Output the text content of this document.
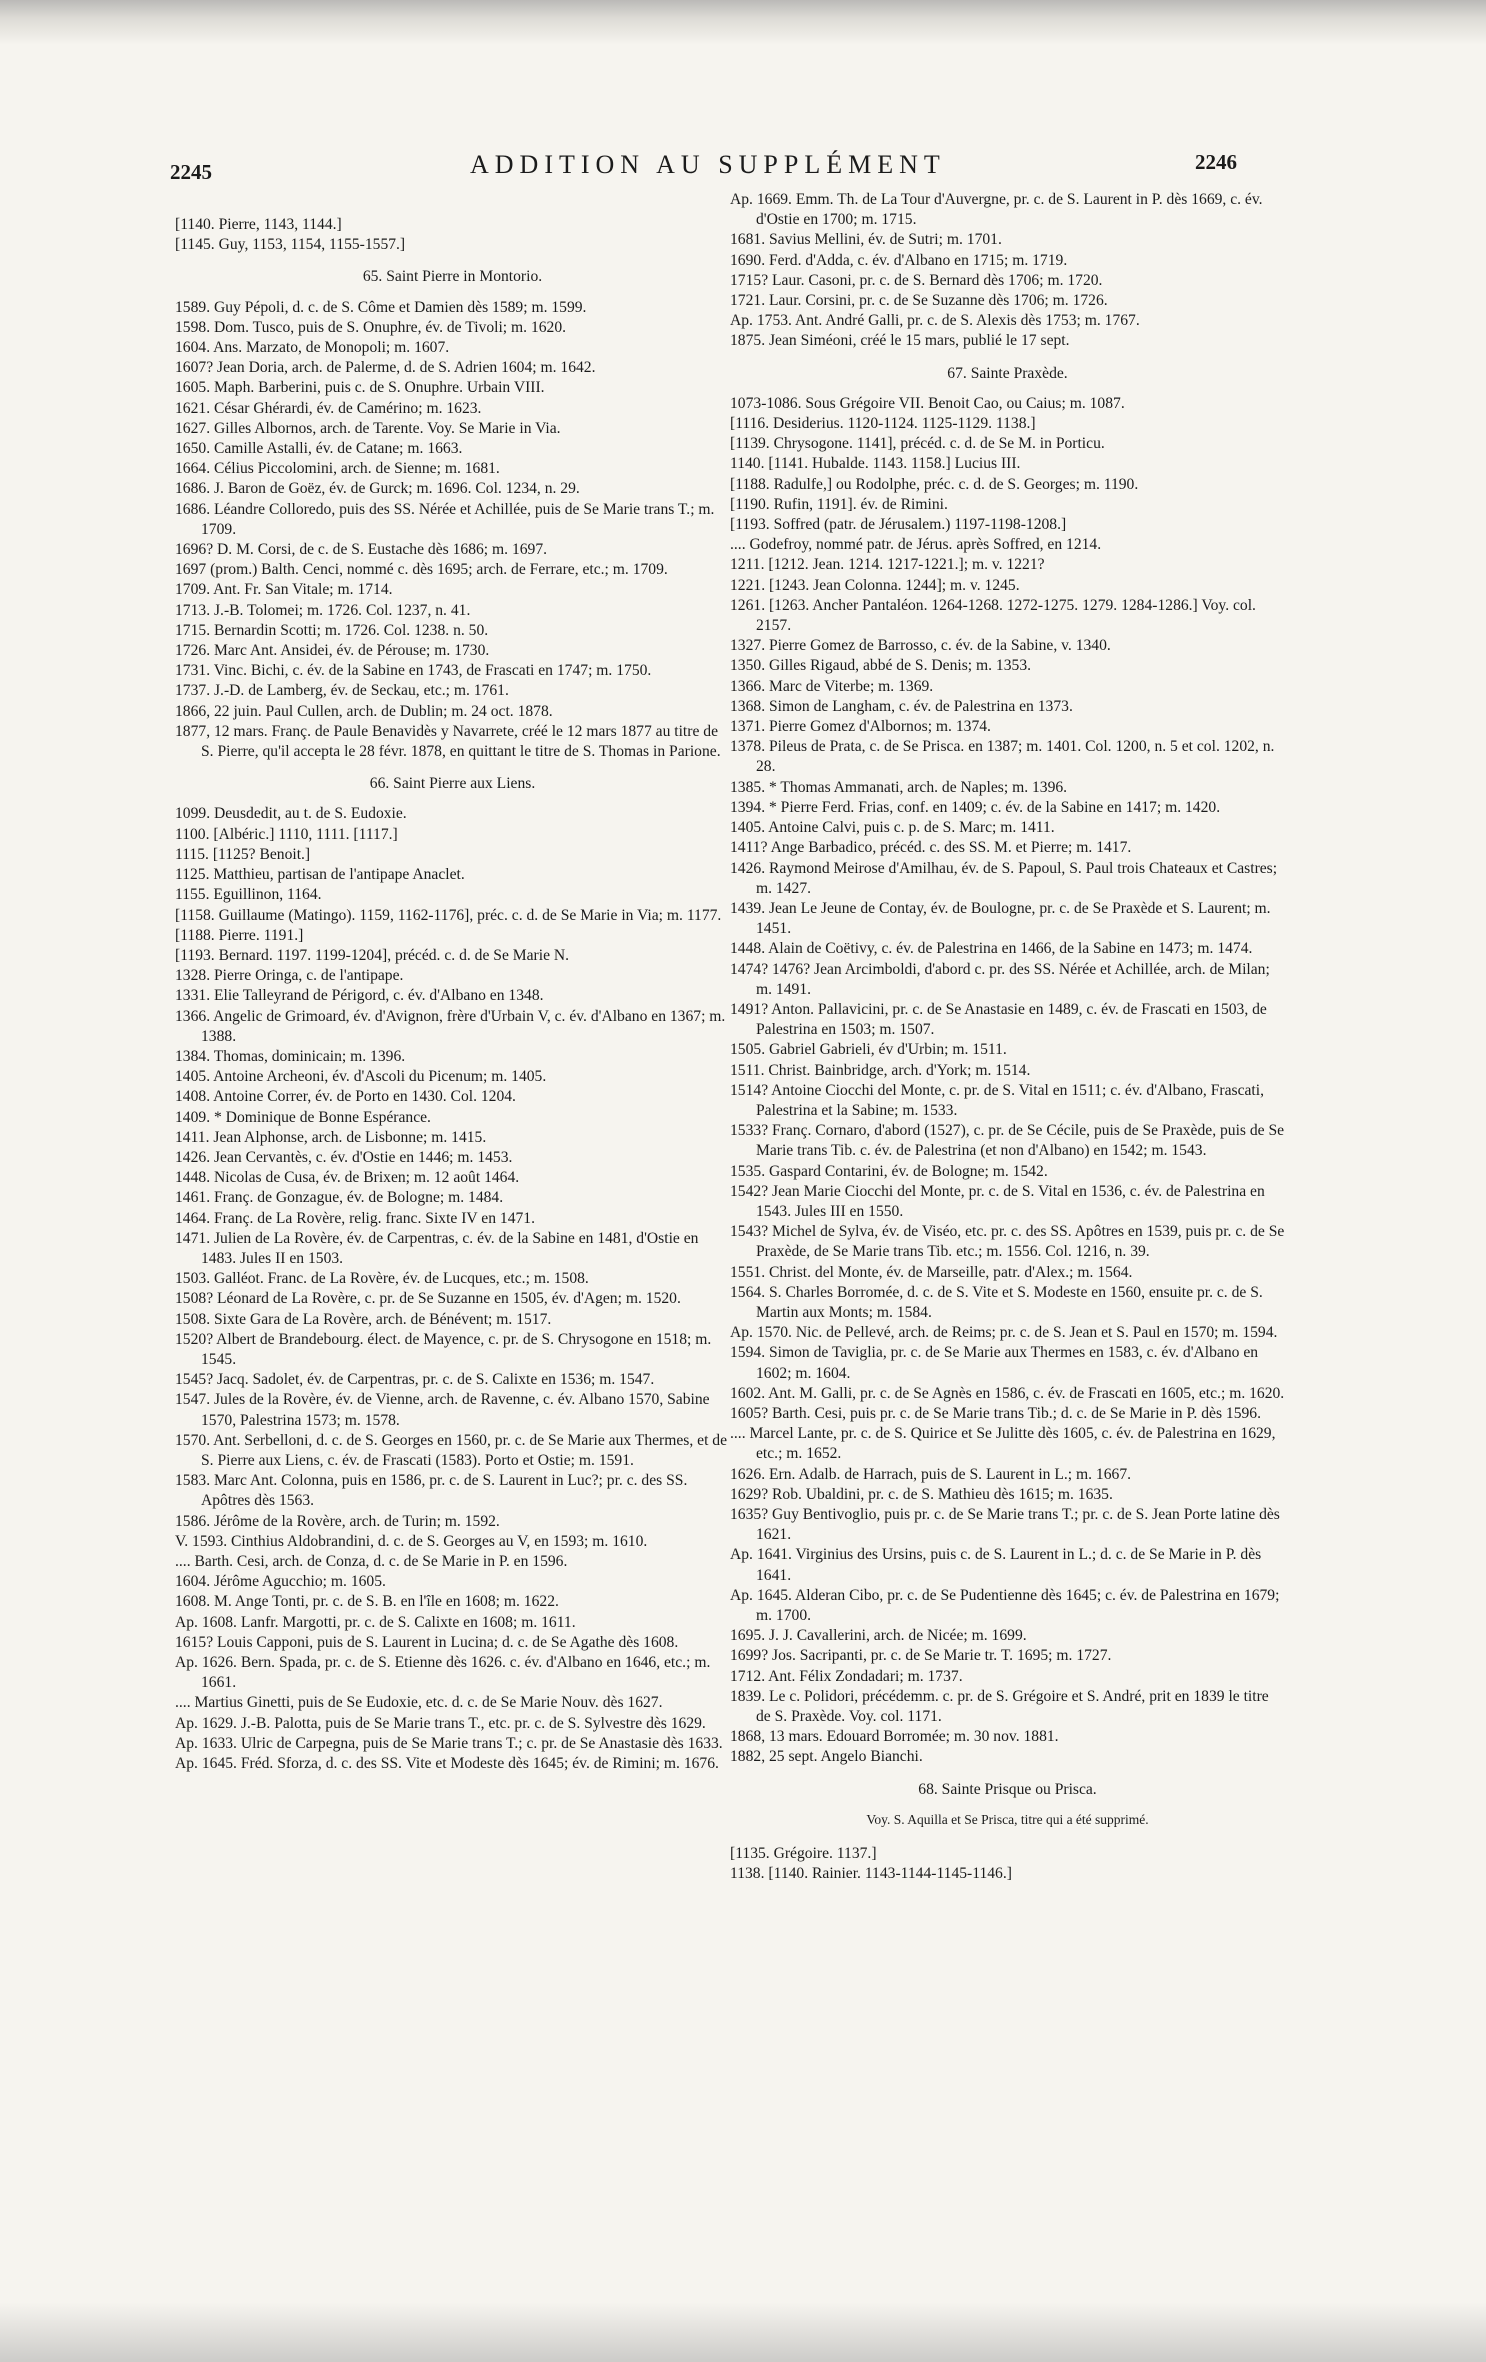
2245	ADDITION AU SUPPLÉMENT	2246
[1140. Pierre, 1143, 1144.]
[1145. Guy, 1153, 1154, 1155-1557.]
65. Saint Pierre in Montorio.
1589. Guy Pépoli, d. c. de S. Côme et Damien dès 1589; m. 1599.
1598. Dom. Tusco, puis de S. Onuphre, év. de Tivoli; m. 1620.
1604. Ans. Marzato, de Monopoli; m. 1607.
1607? Jean Doria, arch. de Palerme, d. de S. Adrien 1604; m. 1642.
1605. Maph. Barberini, puis c. de S. Onuphre. Urbain VIII.
1621. César Ghérardi, év. de Camérino; m. 1623.
1627. Gilles Albornos, arch. de Tarente. Voy. Se Marie in Via.
1650. Camille Astalli, év. de Catane; m. 1663.
1664. Célius Piccolomini, arch. de Sienne; m. 1681.
1686. J. Baron de Goëz, év. de Gurck; m. 1696. Col. 1234, n. 29.
1686. Léandre Colloredo, puis des SS. Nérée et Achillée, puis de Se Marie trans T.; m. 1709.
1696? D. M. Corsi, de c. de S. Eustache dès 1686; m. 1697.
1697 (prom.) Balth. Cenci, nommé c. dès 1695; arch. de Ferrare, etc.; m. 1709.
1709. Ant. Fr. San Vitale; m. 1714.
1713. J.-B. Tolomei; m. 1726. Col. 1237, n. 41.
1715. Bernardin Scotti; m. 1726. Col. 1238. n. 50.
1726. Marc Ant. Ansidei, év. de Pérouse; m. 1730.
1731. Vinc. Bichi, c. év. de la Sabine en 1743, de Frascati en 1747; m. 1750.
1737. J.-D. de Lamberg, év. de Seckau, etc.; m. 1761.
1866, 22 juin. Paul Cullen, arch. de Dublin; m. 24 oct. 1878.
1877, 12 mars. Franç. de Paule Benavidès y Navarrete, créé le 12 mars 1877 au titre de S. Pierre, qu'il accepta le 28 févr. 1878, en quittant le titre de S. Thomas in Parione.
66. Saint Pierre aux Liens.
1099. Deusdedit, au t. de S. Eudoxie.
1100. [Albéric.] 1110, 1111. [1117.]
1115. [1125? Benoit.]
1125. Matthieu, partisan de l'antipape Anaclet.
1155. Eguillinon, 1164.
[1158. Guillaume (Matingo). 1159, 1162-1176], préc. c. d. de Se Marie in Via; m. 1177.
[1188. Pierre. 1191.]
[1193. Bernard. 1197. 1199-1204], précéd. c. d. de Se Marie N.
1328. Pierre Oringa, c. de l'antipape.
1331. Elie Talleyrand de Périgord, c. év. d'Albano en 1348.
1366. Angelic de Grimoard, év. d'Avignon, frère d'Urbain V, c. év. d'Albano en 1367; m. 1388.
1384. Thomas, dominicain; m. 1396.
1405. Antoine Archeoni, év. d'Ascoli du Picenum; m. 1405.
1408. Antoine Correr, év. de Porto en 1430. Col. 1204.
1409. * Dominique de Bonne Espérance.
1411. Jean Alphonse, arch. de Lisbonne; m. 1415.
1426. Jean Cervantès, c. év. d'Ostie en 1446; m. 1453.
1448. Nicolas de Cusa, év. de Brixen; m. 12 août 1464.
1461. Franç. de Gonzague, év. de Bologne; m. 1484.
1464. Franç. de La Rovère, relig. franc. Sixte IV en 1471.
1471. Julien de La Rovère, év. de Carpentras, c. év. de la Sabine en 1481, d'Ostie en 1483. Jules II en 1503.
1503. Galléot. Franc. de La Rovère, év. de Lucques, etc.; m. 1508.
1508? Léonard de La Rovère, c. pr. de Se Suzanne en 1505, év. d'Agen; m. 1520.
1508. Sixte Gara de La Rovère, arch. de Bénévent; m. 1517.
1520? Albert de Brandebourg. élect. de Mayence, c. pr. de S. Chrysogone en 1518; m. 1545.
1545? Jacq. Sadolet, év. de Carpentras, pr. c. de S. Calixte en 1536; m. 1547.
1547. Jules de la Rovère, év. de Vienne, arch. de Ravenne, c. év. Albano 1570, Sabine 1570, Palestrina 1573; m. 1578.
1570. Ant. Serbelloni, d. c. de S. Georges en 1560, pr. c. de Se Marie aux Thermes, et de S. Pierre aux Liens, c. év. de Frascati (1583). Porto et Ostie; m. 1591.
1583. Marc Ant. Colonna, puis en 1586, pr. c. de S. Laurent in Luc?; pr. c. des SS. Apôtres dès 1563.
1586. Jérôme de la Rovère, arch. de Turin; m. 1592.
V. 1593. Cinthius Aldobrandini, d. c. de S. Georges au V, en 1593; m. 1610.
.... Barth. Cesi, arch. de Conza, d. c. de Se Marie in P. en 1596.
1604. Jérôme Agucchio; m. 1605.
1608. M. Ange Tonti, pr. c. de S. B. en l'île en 1608; m. 1622.
Ap. 1608. Lanfr. Margotti, pr. c. de S. Calixte en 1608; m. 1611.
1615? Louis Capponi, puis de S. Laurent in Lucina; d. c. de Se Agathe dès 1608.
Ap. 1626. Bern. Spada, pr. c. de S. Etienne dès 1626. c. év. d'Albano en 1646, etc.; m. 1661.
.... Martius Ginetti, puis de Se Eudoxie, etc. d. c. de Se Marie Nouv. dès 1627.
Ap. 1629. J.-B. Palotta, puis de Se Marie trans T., etc. pr. c. de S. Sylvestre dès 1629.
Ap. 1633. Ulric de Carpegna, puis de Se Marie trans T.; c. pr. de Se Anastasie dès 1633.
Ap. 1645. Fréd. Sforza, d. c. des SS. Vite et Modeste dès 1645; év. de Rimini; m. 1676.
Ap. 1669. Emm. Th. de La Tour d'Auvergne, pr. c. de S. Laurent in P. dès 1669, c. év. d'Ostie en 1700; m. 1715.
1681. Savius Mellini, év. de Sutri; m. 1701.
1690. Ferd. d'Adda, c. év. d'Albano en 1715; m. 1719.
1715? Laur. Casoni, pr. c. de S. Bernard dès 1706; m. 1720.
1721. Laur. Corsini, pr. c. de Se Suzanne dès 1706; m. 1726.
Ap. 1753. Ant. André Galli, pr. c. de S. Alexis dès 1753; m. 1767.
1875. Jean Siméoni, créé le 15 mars, publié le 17 sept.
67. Sainte Praxède.
1073-1086. Sous Grégoire VII. Benoit Cao, ou Caius; m. 1087.
[1116. Desiderius. 1120-1124. 1125-1129. 1138.]
[1139. Chrysogone. 1141], précéd. c. d. de Se M. in Porticu.
1140. [1141. Hubalde. 1143. 1158.] Lucius III.
[1188. Radulfe,] ou Rodolphe, préc. c. d. de S. Georges; m. 1190.
[1190. Rufin, 1191]. év. de Rimini.
[1193. Soffred (patr. de Jérusalem.) 1197-1198-1208.]
.... Godefroy, nommé patr. de Jérus. après Soffred, en 1214.
1211. [1212. Jean. 1214. 1217-1221.]; m. v. 1221?
1221. [1243. Jean Colonna. 1244]; m. v. 1245.
1261. [1263. Ancher Pantaléon. 1264-1268. 1272-1275. 1279. 1284-1286.] Voy. col. 2157.
1327. Pierre Gomez de Barrosso, c. év. de la Sabine, v. 1340.
1350. Gilles Rigaud, abbé de S. Denis; m. 1353.
1366. Marc de Viterbe; m. 1369.
1368. Simon de Langham, c. év. de Palestrina en 1373.
1371. Pierre Gomez d'Albornos; m. 1374.
1378. Pileus de Prata, c. de Se Prisca. en 1387; m. 1401. Col. 1200, n. 5 et col. 1202, n. 28.
1385. * Thomas Ammanati, arch. de Naples; m. 1396.
1394. * Pierre Ferd. Frias, conf. en 1409; c. év. de la Sabine en 1417; m. 1420.
1405. Antoine Calvi, puis c. p. de S. Marc; m. 1411.
1411? Ange Barbadico, précéd. c. des SS. M. et Pierre; m. 1417.
1426. Raymond Meirose d'Amilhau, év. de S. Papoul, S. Paul trois Chateaux et Castres; m. 1427.
1439. Jean Le Jeune de Contay, év. de Boulogne, pr. c. de Se Praxède et S. Laurent; m. 1451.
1448. Alain de Coëtivy, c. év. de Palestrina en 1466, de la Sabine en 1473; m. 1474.
1474? 1476? Jean Arcimboldi, d'abord c. pr. des SS. Nérée et Achillée, arch. de Milan; m. 1491.
1491? Anton. Pallavicini, pr. c. de Se Anastasie en 1489, c. év. de Frascati en 1503, de Palestrina en 1503; m. 1507.
1505. Gabriel Gabrieli, év d'Urbin; m. 1511.
1511. Christ. Bainbridge, arch. d'York; m. 1514.
1514? Antoine Ciocchi del Monte, c. pr. de S. Vital en 1511; c. év. d'Albano, Frascati, Palestrina et la Sabine; m. 1533.
1533? Franç. Cornaro, d'abord (1527), c. pr. de Se Cécile, puis de Se Praxède, puis de Se Marie trans Tib. c. év. de Palestrina (et non d'Albano) en 1542; m. 1543.
1535. Gaspard Contarini, év. de Bologne; m. 1542.
1542? Jean Marie Ciocchi del Monte, pr. c. de S. Vital en 1536, c. év. de Palestrina en 1543. Jules III en 1550.
1543? Michel de Sylva, év. de Viséo, etc. pr. c. des SS. Apôtres en 1539, puis pr. c. de Se Praxède, de Se Marie trans Tib. etc.; m. 1556. Col. 1216, n. 39.
1551. Christ. del Monte, év. de Marseille, patr. d'Alex.; m. 1564.
1564. S. Charles Borromée, d. c. de S. Vite et S. Modeste en 1560, ensuite pr. c. de S. Martin aux Monts; m. 1584.
Ap. 1570. Nic. de Pellevé, arch. de Reims; pr. c. de S. Jean et S. Paul en 1570; m. 1594.
1594. Simon de Taviglia, pr. c. de Se Marie aux Thermes en 1583, c. év. d'Albano en 1602; m. 1604.
1602. Ant. M. Galli, pr. c. de Se Agnès en 1586, c. év. de Frascati en 1605, etc.; m. 1620.
1605? Barth. Cesi, puis pr. c. de Se Marie trans Tib.; d. c. de Se Marie in P. dès 1596.
.... Marcel Lante, pr. c. de S. Quirice et Se Julitte dès 1605, c. év. de Palestrina en 1629, etc.; m. 1652.
1626. Ern. Adalb. de Harrach, puis de S. Laurent in L.; m. 1667.
1629? Rob. Ubaldini, pr. c. de S. Mathieu dès 1615; m. 1635.
1635? Guy Bentivoglio, puis pr. c. de Se Marie trans T.; pr. c. de S. Jean Porte latine dès 1621.
Ap. 1641. Virginius des Ursins, puis c. de S. Laurent in L.; d. c. de Se Marie in P. dès 1641.
Ap. 1645. Alderan Cibo, pr. c. de Se Pudentienne dès 1645; c. év. de Palestrina en 1679; m. 1700.
1695. J. J. Cavallerini, arch. de Nicée; m. 1699.
1699? Jos. Sacripanti, pr. c. de Se Marie tr. T. 1695; m. 1727.
1712. Ant. Félix Zondadari; m. 1737.
1839. Le c. Polidori, précédemm. c. pr. de S. Grégoire et S. André, prit en 1839 le titre de S. Praxède. Voy. col. 1171.
1868, 13 mars. Edouard Borromée; m. 30 nov. 1881.
1882, 25 sept. Angelo Bianchi.
68. Sainte Prisque ou Prisca.
Voy. S. Aquilla et Se Prisca, titre qui a été supprimé.
[1135. Grégoire. 1137.]
1138. [1140. Rainier. 1143-1144-1145-1146.]
